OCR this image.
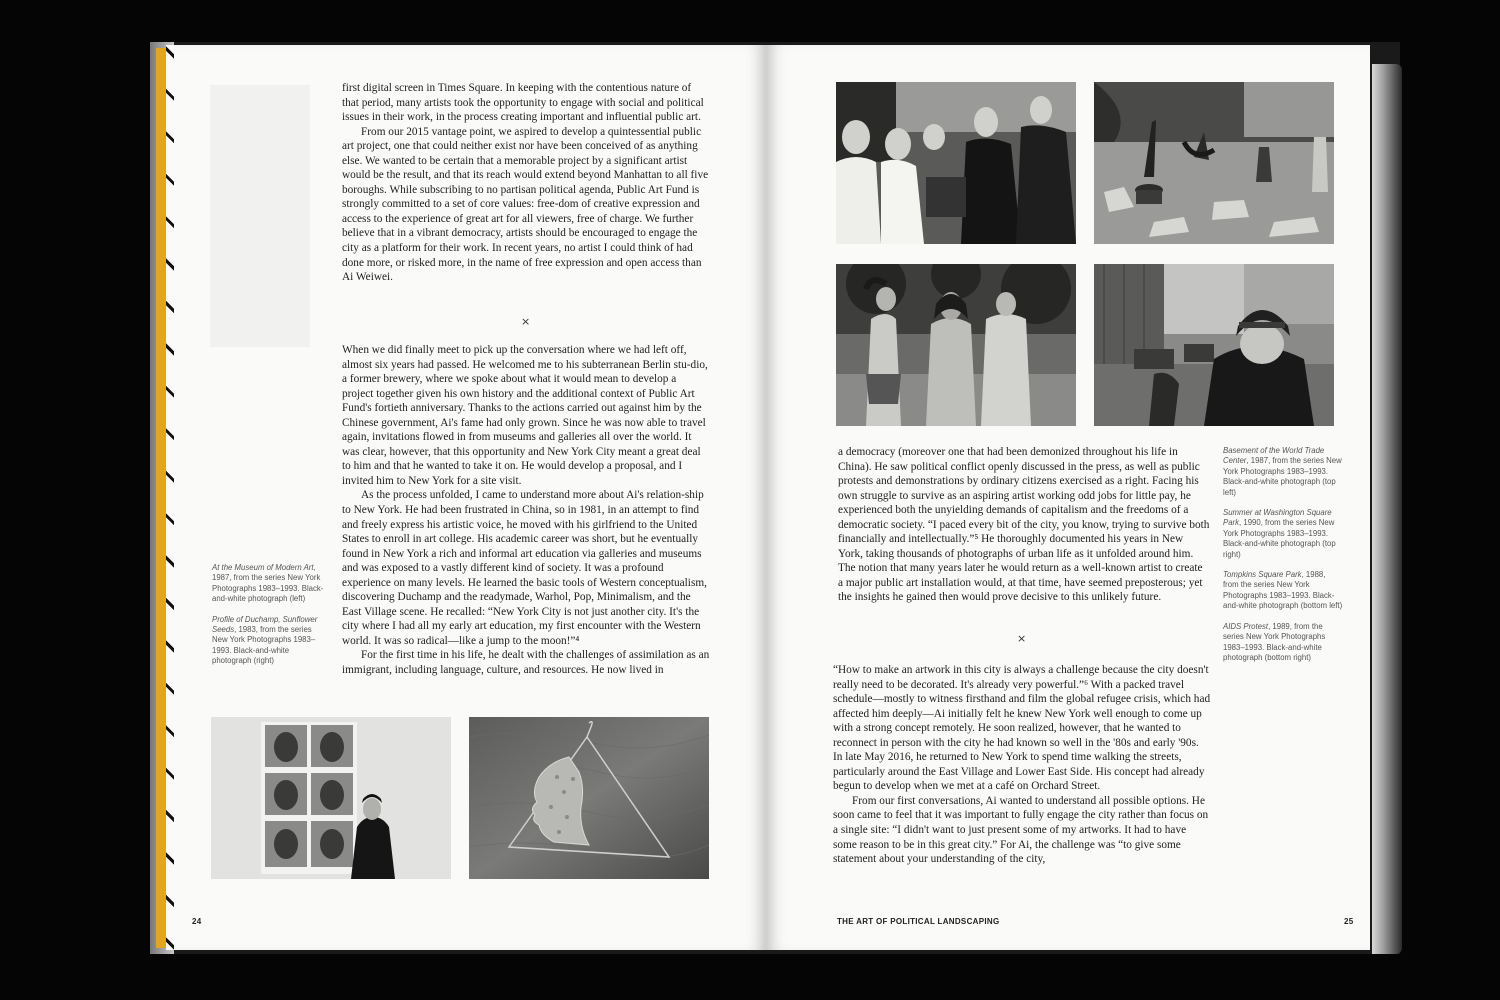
first digital screen in Times Square. In keeping with the contentious nature of that period, many artists took the opportunity to engage with social and political issues in their work, in the process creating important and influential public art.

From our 2015 vantage point, we aspired to develop a quintessential public art project, one that could neither exist nor have been conceived of as anything else. We wanted to be certain that a memorable project by a significant artist would be the result, and that its reach would extend beyond Manhattan to all five boroughs. While subscribing to no partisan political agenda, Public Art Fund is strongly committed to a set of core values: free-dom of creative expression and access to the experience of great art for all viewers, free of charge. We further believe that in a vibrant democracy, artists should be encouraged to engage the city as a platform for their work. In recent years, no artist I could think of had done more, or risked more, in the name of free expression and open access than Ai Weiwei.

×

When we did finally meet to pick up the conversation where we had left off, almost six years had passed. He welcomed me to his subterranean Berlin stu-dio, a former brewery, where we spoke about what it would mean to develop a project together given his own history and the additional context of Public Art Fund's fortieth anniversary. Thanks to the actions carried out against him by the Chinese government, Ai's fame had only grown. Since he was now able to travel again, invitations flowed in from museums and galleries all over the world. It was clear, however, that this opportunity and New York City meant a great deal to him and that he wanted to take it on. He would develop a proposal, and I invited him to New York for a site visit.

As the process unfolded, I came to understand more about Ai's relation-ship to New York. He had been frustrated in China, so in 1981, in an attempt to find and freely express his artistic voice, he moved with his girlfriend to the United States to enroll in art college. His academic career was short, but he eventually found in New York a rich and informal art education via galleries and museums and was exposed to a vastly different kind of society. It was a profound experience on many levels. He learned the basic tools of Western conceptualism, discovering Duchamp and the readymade, Warhol, Pop, Minimalism, and the East Village scene. He recalled: “New York City is not just another city. It's the city where I had all my early art education, my first encounter with the Western world. It was so radical—like a jump to the moon!”⁴

For the first time in his life, he dealt with the challenges of assimilation as an immigrant, including language, culture, and resources. He now lived in

At the Museum of Modern Art, 1987, from the series New York Photographs 1983–1993. Black-and-white photograph (left)
Profile of Duchamp, Sunflower Seeds, 1983, from the series New York Photographs 1983–1993. Black-and-white photograph (right)
24

a democracy (moreover one that had been demonized throughout his life in China). He saw political conflict openly discussed in the press, as well as public protests and demonstrations by ordinary citizens exercised as a right. Facing his own struggle to survive as an aspiring artist working odd jobs for little pay, he experienced both the unyielding demands of capitalism and the freedoms of a democratic society. “I paced every bit of the city, you know, trying to survive both financially and intellectually.”⁵ He thoroughly documented his years in New York, taking thousands of photographs of urban life as it unfolded around him. The notion that many years later he would return as a well-known artist to create a major public art installation would, at that time, have seemed preposterous; yet the insights he gained then would prove decisive to this unlikely future.

×

“How to make an artwork in this city is always a challenge because the city doesn't really need to be decorated. It's already very powerful.”⁶ With a packed travel schedule—mostly to witness firsthand and film the global refugee crisis, which had affected him deeply—Ai initially felt he knew New York well enough to come up with a strong concept remotely. He soon realized, however, that he wanted to reconnect in person with the city he had known so well in the '80s and early '90s. In late May 2016, he returned to New York to spend time walking the streets, particularly around the East Village and Lower East Side. His concept had already begun to develop when we met at a café on Orchard Street.

From our first conversations, Ai wanted to understand all possible options. He soon came to feel that it was important to fully engage the city rather than focus on a single site: “I didn't want to just present some of my artworks. It had to have some reason to be in this great city.” For Ai, the challenge was “to give some statement about your understanding of the city,

Basement of the World Trade Center, 1987, from the series New York Photographs 1983–1993. Black-and-white photograph (top left)
Summer at Washington Square Park, 1990, from the series New York Photographs 1983–1993. Black-and-white photograph (top right)
Tompkins Square Park, 1988, from the series New York Photographs 1983–1993. Black-and-white photograph (bottom left)
AIDS Protest, 1989, from the series New York Photographs 1983–1993. Black-and-white photograph (bottom right)
THE ART OF POLITICAL LANDSCAPING	25
